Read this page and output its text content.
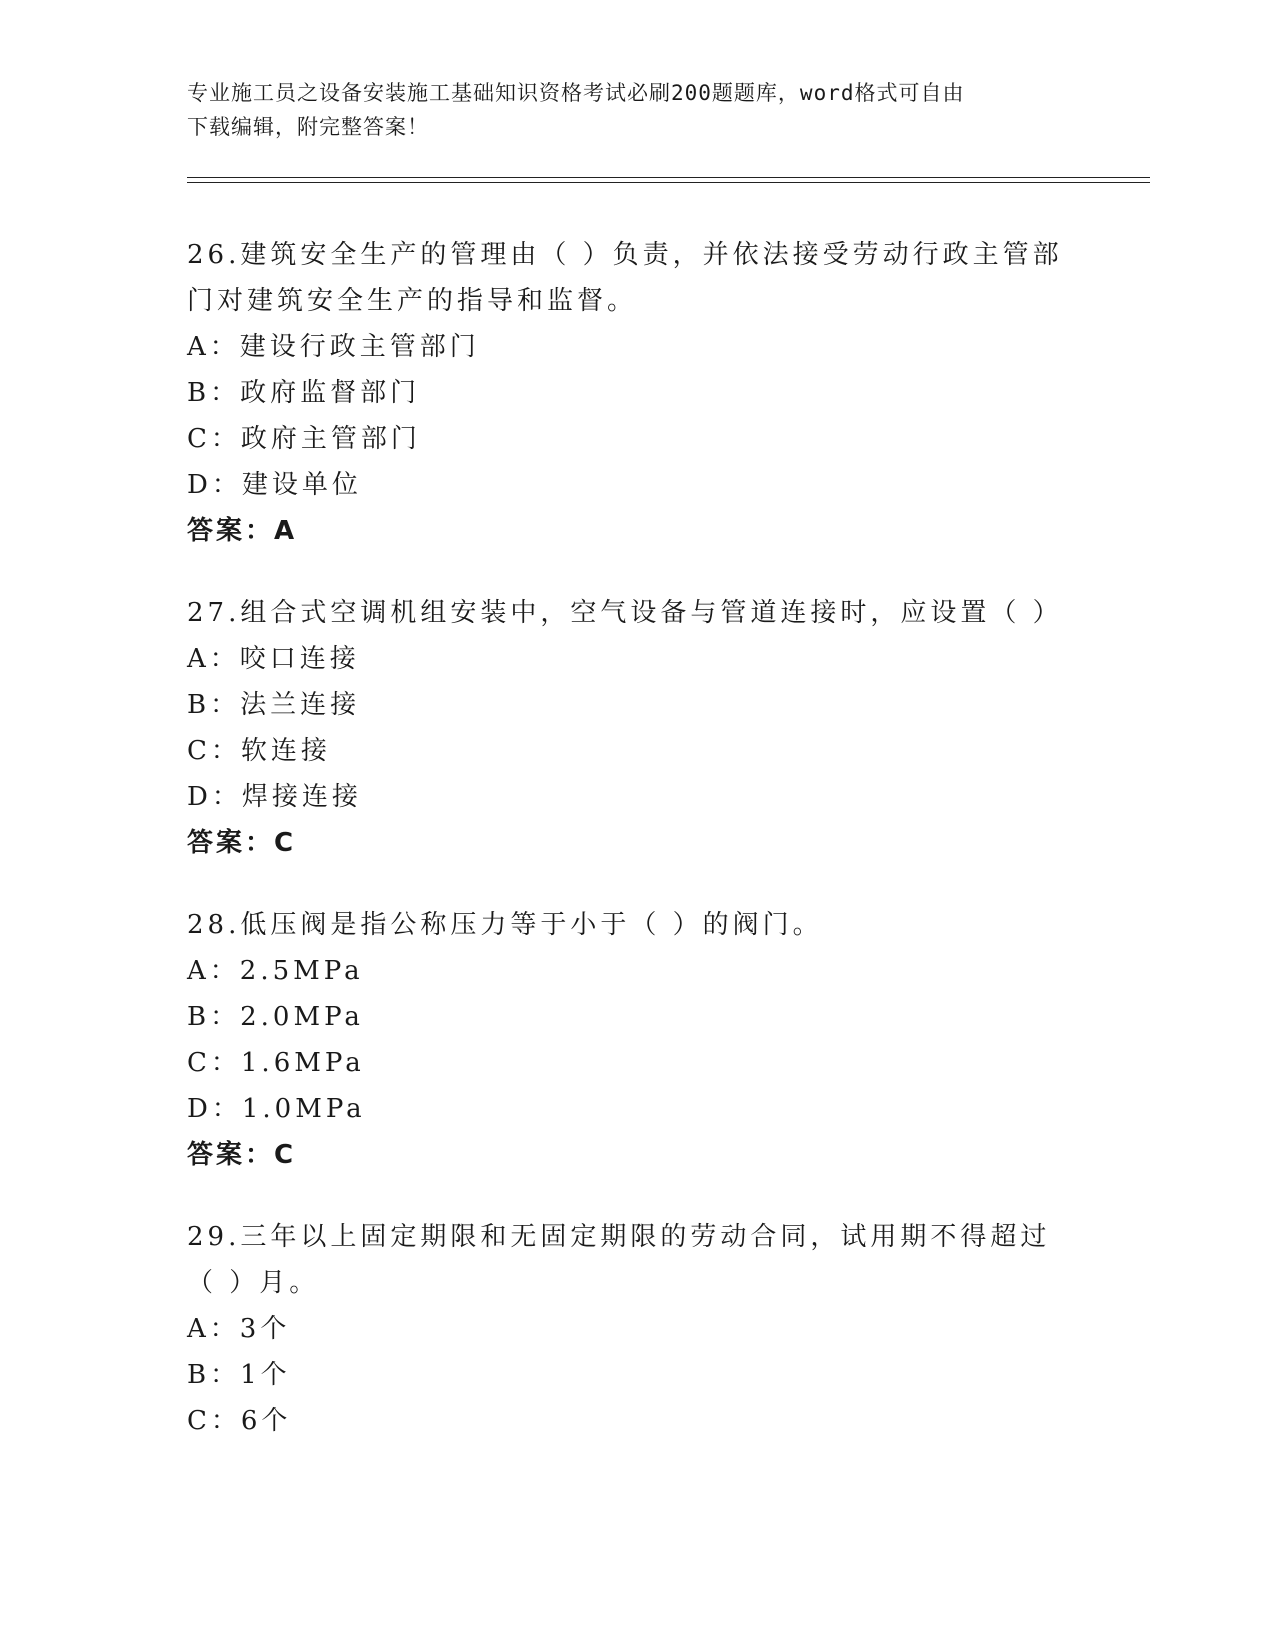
专业施工员之设备安装施工基础知识资格考试必刷200题题库，word格式可自由
下载编辑，附完整答案！

26.建筑安全生产的管理由（ ）负责，并依法接受劳动行政主管部门对建筑安全生产的指导和监督。

A：建设行政主管部门

B：政府监督部门

C：政府主管部门

D：建设单位

答案：A

27.组合式空调机组安装中，空气设备与管道连接时，应设置（ ）

A：咬口连接

B：法兰连接

C：软连接

D：焊接连接

答案：C

28.低压阀是指公称压力等于小于（ ）的阀门。

A：2.5MPa

B：2.0MPa

C：1.6MPa

D：1.0MPa

答案：C

29.三年以上固定期限和无固定期限的劳动合同，试用期不得超过（ ）月。

A：3个

B：1个

C：6个
